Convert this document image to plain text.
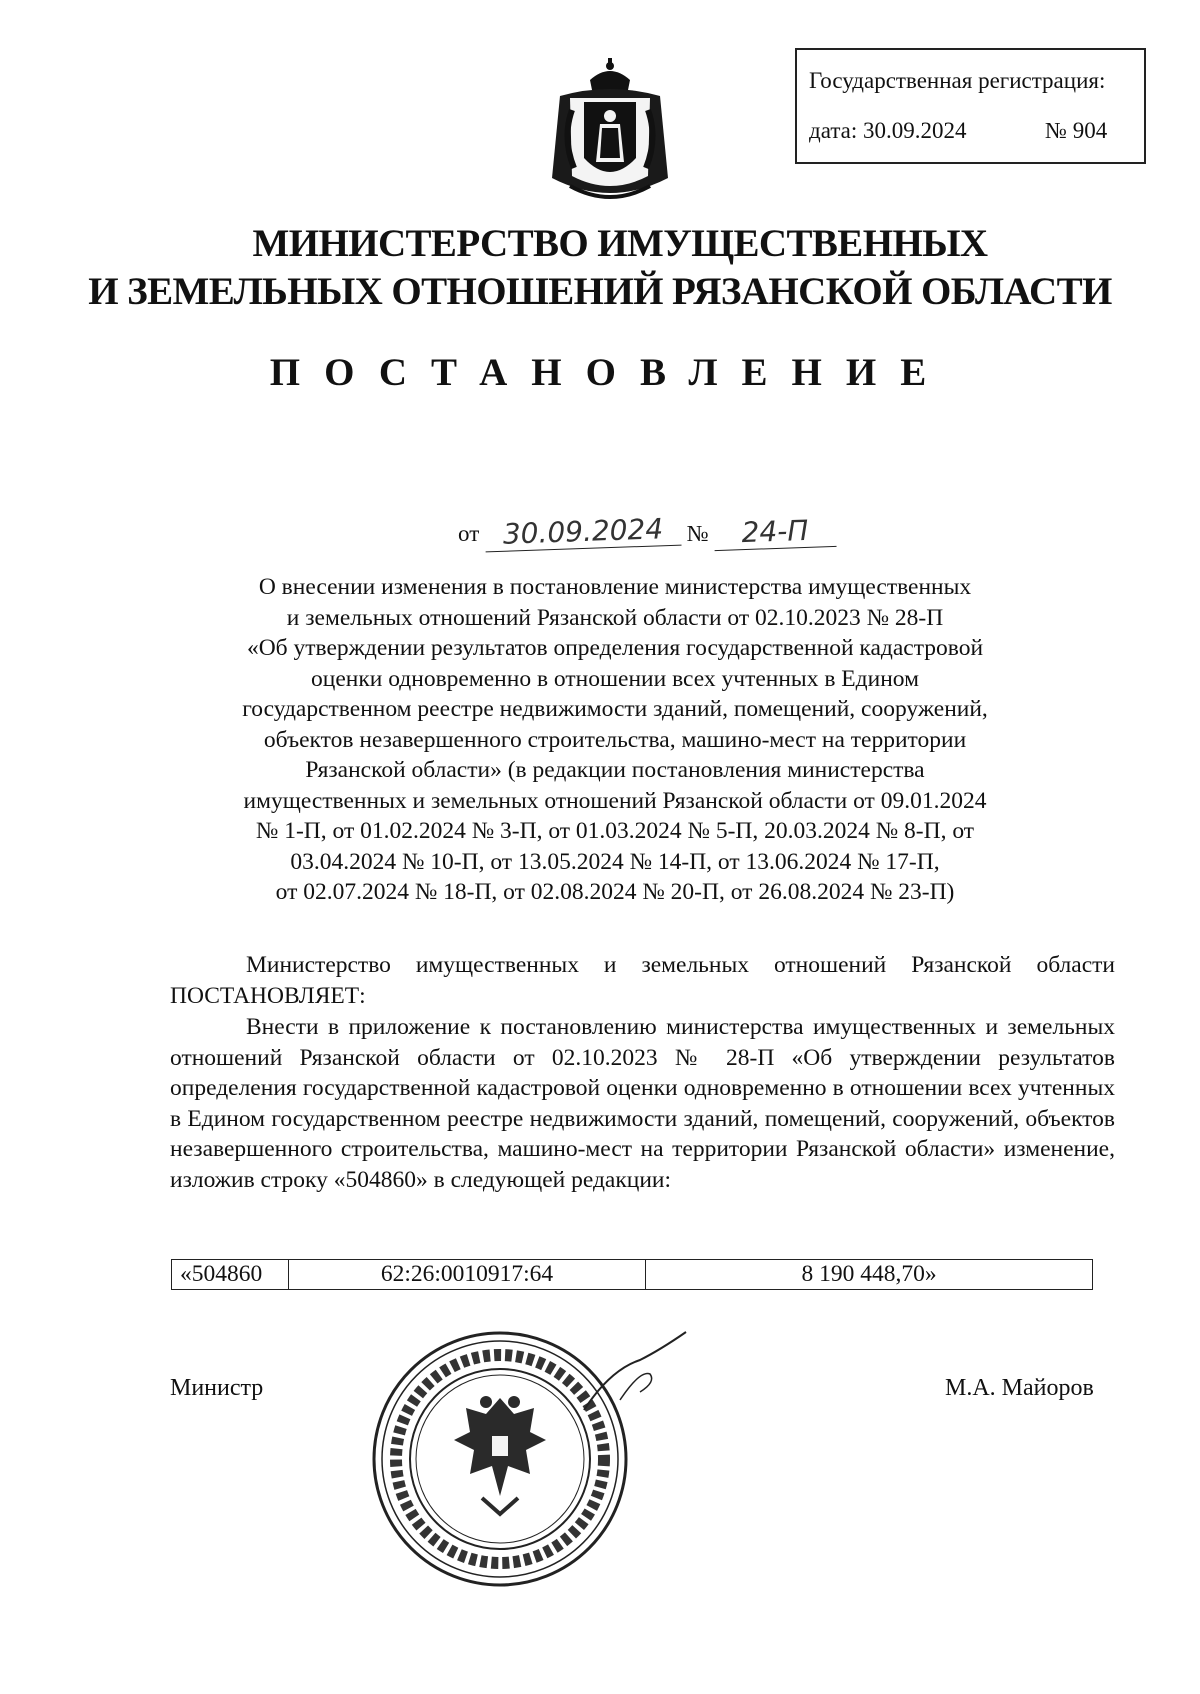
Государственная регистрация:
дата: 30.09.2024	№ 904
МИНИСТЕРСТВО ИМУЩЕСТВЕННЫХ
И ЗЕМЕЛЬНЫХ ОТНОШЕНИЙ РЯЗАНСКОЙ ОБЛАСТИ
ПОСТАНОВЛЕНИЕ
от 30.09.2024 № 24-П
О внесении изменения в постановление министерства имущественных
и земельных отношений Рязанской области от 02.10.2023 № 28-П
«Об утверждении результатов определения государственной кадастровой
оценки одновременно в отношении всех учтенных в Едином
государственном реестре недвижимости зданий, помещений, сооружений,
объектов незавершенного строительства, машино-мест на территории
Рязанской области» (в редакции постановления министерства
имущественных и земельных отношений Рязанской области от 09.01.2024
№ 1-П, от 01.02.2024 № 3-П, от 01.03.2024 № 5-П, 20.03.2024 № 8-П, от
03.04.2024 № 10-П, от 13.05.2024 № 14-П, от 13.06.2024 № 17-П,
от 02.07.2024 № 18-П, от 02.08.2024 № 20-П, от 26.08.2024 № 23-П)
Министерство имущественных и земельных отношений Рязанской области ПОСТАНОВЛЯЕТ:
Внести в приложение к постановлению министерства имущественных и земельных отношений Рязанской области от 02.10.2023 № 28-П «Об утверждении результатов определения государственной кадастровой оценки одновременно в отношении всех учтенных в Едином государственном реестре недвижимости зданий, помещений, сооружений, объектов незавершенного строительства, машино-мест на территории Рязанской области» изменение, изложив строку «504860» в следующей редакции:
«504860	62:26:0010917:64	8 190 448,70»
Министр	М.А. Майоров
